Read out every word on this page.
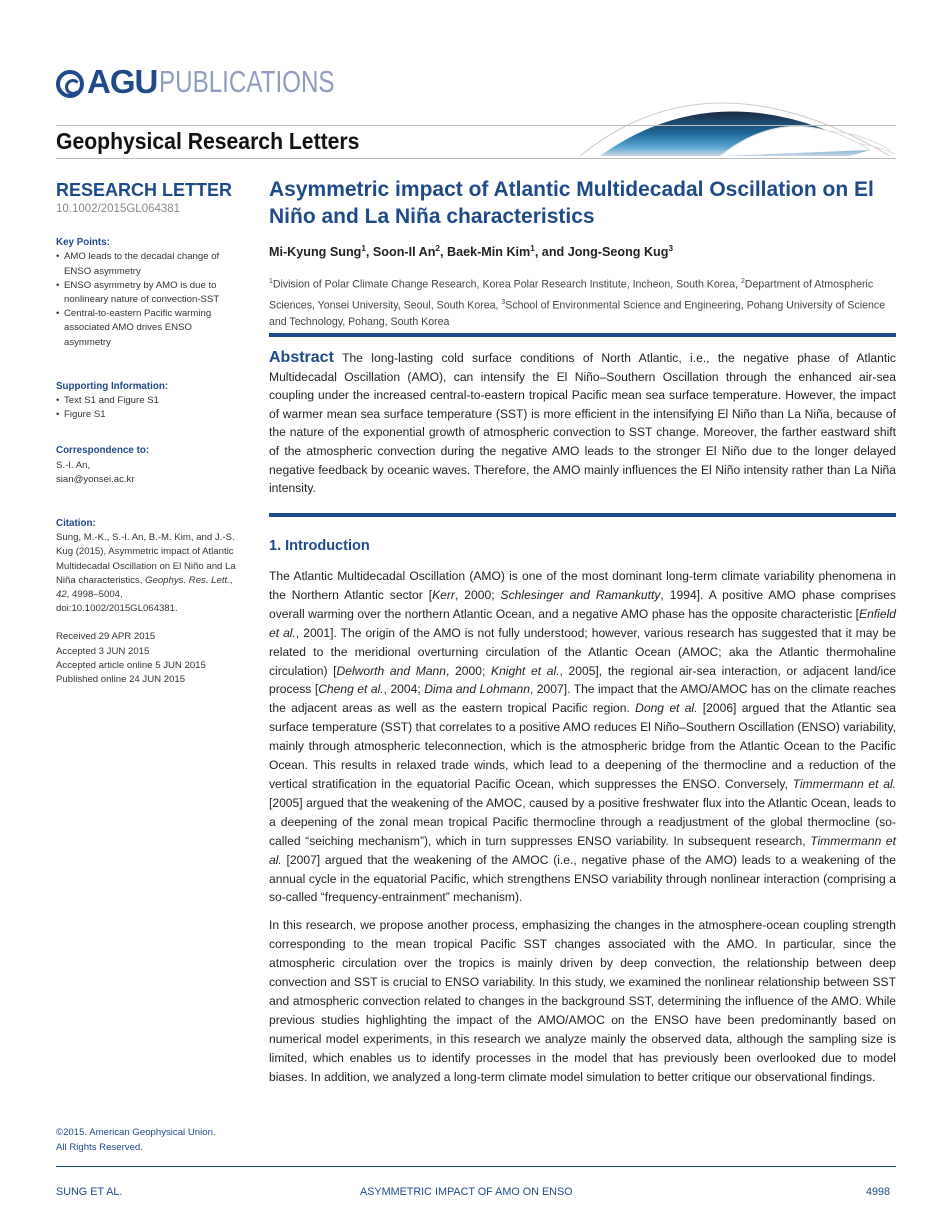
AGU PUBLICATIONS
Geophysical Research Letters
RESEARCH LETTER
10.1002/2015GL064381
Key Points:
• AMO leads to the decadal change of ENSO asymmetry
• ENSO asymmetry by AMO is due to nonlineary nature of convection-SST
• Central-to-eastern Pacific warming associated AMO drives ENSO asymmetry
Supporting Information:
• Text S1 and Figure S1
• Figure S1
Correspondence to:
S.-I. An,
sian@yonsei.ac.kr
Citation:
Sung, M.-K., S.-I. An, B.-M. Kim, and J.-S. Kug (2015), Asymmetric impact of Atlantic Multidecadal Oscillation on El Niño and La Niña characteristics, Geophys. Res. Lett., 42, 4998–5004, doi:10.1002/2015GL064381.
Received 29 APR 2015
Accepted 3 JUN 2015
Accepted article online 5 JUN 2015
Published online 24 JUN 2015
©2015. American Geophysical Union.
All Rights Reserved.
Asymmetric impact of Atlantic Multidecadal Oscillation on El Niño and La Niña characteristics
Mi-Kyung Sung$^1$, Soon-Il An$^2$, Baek-Min Kim$^1$, and Jong-Seong Kug$^3$
$^1$Division of Polar Climate Change Research, Korea Polar Research Institute, Incheon, South Korea, $^2$Department of Atmospheric Sciences, Yonsei University, Seoul, South Korea, $^3$School of Environmental Science and Engineering, Pohang University of Science and Technology, Pohang, South Korea
Abstract The long-lasting cold surface conditions of North Atlantic, i.e., the negative phase of Atlantic Multidecadal Oscillation (AMO), can intensify the El Niño–Southern Oscillation through the enhanced air-sea coupling under the increased central-to-eastern tropical Pacific mean sea surface temperature. However, the impact of warmer mean sea surface temperature (SST) is more efficient in the intensifying El Niño than La Niña, because of the nature of the exponential growth of atmospheric convection to SST change. Moreover, the farther eastward shift of the atmospheric convection during the negative AMO leads to the stronger El Niño due to the longer delayed negative feedback by oceanic waves. Therefore, the AMO mainly influences the El Niño intensity rather than La Niña intensity.
1. Introduction

The Atlantic Multidecadal Oscillation (AMO) is one of the most dominant long-term climate variability phenomena in the Northern Atlantic sector [Kerr, 2000; Schlesinger and Ramankutty, 1994]. A positive AMO phase comprises overall warming over the northern Atlantic Ocean, and a negative AMO phase has the opposite characteristic [Enfield et al., 2001]. The origin of the AMO is not fully understood; however, various research has suggested that it may be related to the meridional overturning circulation of the Atlantic Ocean (AMOC; aka the Atlantic thermohaline circulation) [Delworth and Mann, 2000; Knight et al., 2005], the regional air-sea interaction, or adjacent land/ice process [Cheng et al., 2004; Dima and Lohmann, 2007]. The impact that the AMO/AMOC has on the climate reaches the adjacent areas as well as the eastern tropical Pacific region. Dong et al. [2006] argued that the Atlantic sea surface temperature (SST) that correlates to a positive AMO reduces El Niño–Southern Oscillation (ENSO) variability, mainly through atmospheric teleconnection, which is the atmospheric bridge from the Atlantic Ocean to the Pacific Ocean. This results in relaxed trade winds, which lead to a deepening of the thermocline and a reduction of the vertical stratification in the equatorial Pacific Ocean, which suppresses the ENSO. Conversely, Timmermann et al. [2005] argued that the weakening of the AMOC, caused by a positive freshwater flux into the Atlantic Ocean, leads to a deepening of the zonal mean tropical Pacific thermocline through a readjustment of the global thermocline (so-called “seiching mechanism”), which in turn suppresses ENSO variability. In subsequent research, Timmermann et al. [2007] argued that the weakening of the AMOC (i.e., negative phase of the AMO) leads to a weakening of the annual cycle in the equatorial Pacific, which strengthens ENSO variability through nonlinear interaction (comprising a so-called “frequency-entrainment” mechanism).

In this research, we propose another process, emphasizing the changes in the atmosphere-ocean coupling strength corresponding to the mean tropical Pacific SST changes associated with the AMO. In particular, since the atmospheric circulation over the tropics is mainly driven by deep convection, the relationship between deep convection and SST is crucial to ENSO variability. In this study, we examined the nonlinear relationship between SST and atmospheric convection related to changes in the background SST, determining the influence of the AMO. While previous studies highlighting the impact of the AMO/AMOC on the ENSO have been predominantly based on numerical model experiments, in this research we analyze mainly the observed data, although the sampling size is limited, which enables us to identify processes in the model that has previously been overlooked due to model biases. In addition, we analyzed a long-term climate model simulation to better critique our observational findings.

SUNG ET AL.	ASYMMETRIC IMPACT OF AMO ON ENSO	4998
